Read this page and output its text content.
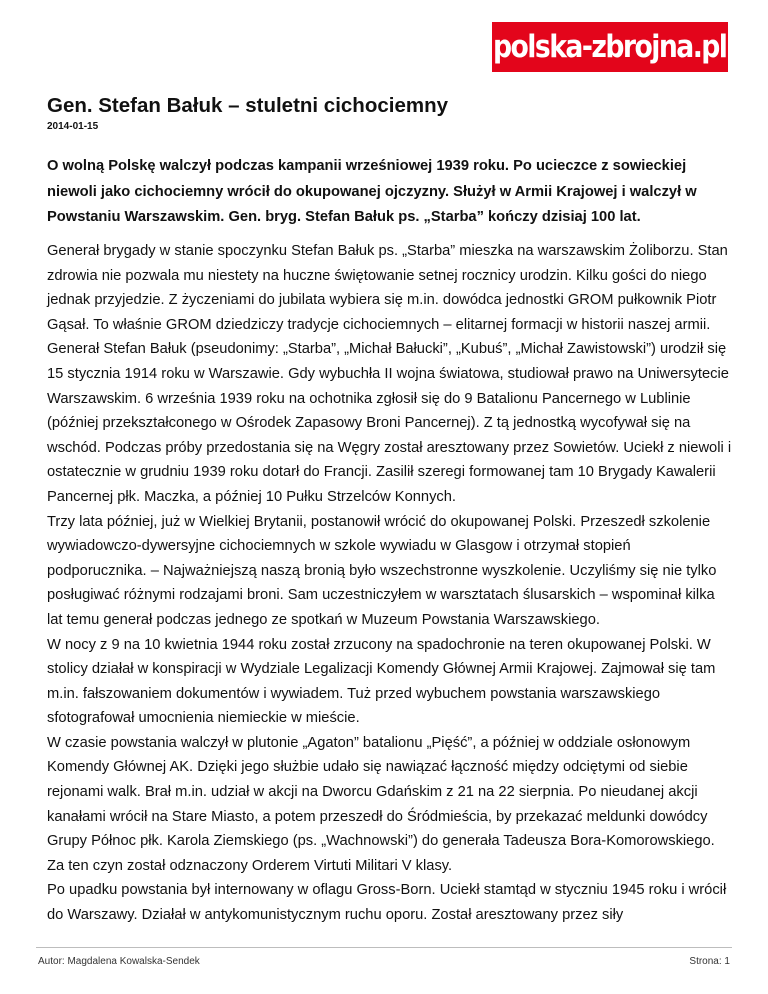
polska-zbrojna.pl
Gen. Stefan Bałuk – stuletni cichociemny
2014-01-15

O wolną Polskę walczył podczas kampanii wrześniowej 1939 roku. Po ucieczce z sowieckiej niewoli jako cichociemny wrócił do okupowanej ojczyzny. Służył w Armii Krajowej i walczył w Powstaniu Warszawskim. Gen. bryg. Stefan Bałuk ps. „Starba” kończy dzisiaj 100 lat.

Generał brygady w stanie spoczynku Stefan Bałuk ps. „Starba” mieszka na warszawskim Żoliborzu. Stan zdrowia nie pozwala mu niestety na huczne świętowanie setnej rocznicy urodzin. Kilku gości do niego jednak przyjedzie. Z życzeniami do jubilata wybiera się m.in. dowódca jednostki GROM pułkownik Piotr Gąsał. To właśnie GROM dziedziczy tradycje cichociemnych – elitarnej formacji w historii naszej armii.

Generał Stefan Bałuk (pseudonimy: „Starba”, „Michał Bałucki”, „Kubuś”, „Michał Zawistowski”) urodził się 15 stycznia 1914 roku w Warszawie. Gdy wybuchła II wojna światowa, studiował prawo na Uniwersytecie Warszawskim. 6 września 1939 roku na ochotnika zgłosił się do 9 Batalionu Pancernego w Lublinie (później przekształconego w Ośrodek Zapasowy Broni Pancernej). Z tą jednostką wycofywał się na wschód. Podczas próby przedostania się na Węgry został aresztowany przez Sowietów. Uciekł z niewoli i ostatecznie w grudniu 1939 roku dotarł do Francji. Zasilił szeregi formowanej tam 10 Brygady Kawalerii Pancernej płk. Maczka, a później 10 Pułku Strzelców Konnych.

Trzy lata później, już w Wielkiej Brytanii, postanowił wrócić do okupowanej Polski. Przeszedł szkolenie wywiadowczo-dywersyjne cichociemnych w szkole wywiadu w Glasgow i otrzymał stopień podporucznika. – Najważniejszą naszą bronią było wszechstronne wyszkolenie. Uczyliśmy się nie tylko posługiwać różnymi rodzajami broni. Sam uczestniczyłem w warsztatach ślusarskich – wspominał kilka lat temu generał podczas jednego ze spotkań w Muzeum Powstania Warszawskiego.

W nocy z 9 na 10 kwietnia 1944 roku został zrzucony na spadochronie na teren okupowanej Polski. W stolicy działał w konspiracji w Wydziale Legalizacji Komendy Głównej Armii Krajowej. Zajmował się tam m.in. fałszowaniem dokumentów i wywiadem. Tuż przed wybuchem powstania warszawskiego sfotografował umocnienia niemieckie w mieście.

W czasie powstania walczył w plutonie „Agaton” batalionu „Pięść”, a później w oddziale osłonowym Komendy Głównej AK. Dzięki jego służbie udało się nawiązać łączność między odciętymi od siebie rejonami walk. Brał m.in. udział w akcji na Dworcu Gdańskim z 21 na 22 sierpnia. Po nieudanej akcji kanałami wrócił na Stare Miasto, a potem przeszedł do Śródmieścia, by przekazać meldunki dowódcy Grupy Północ płk. Karola Ziemskiego (ps. „Wachnowski”) do generała Tadeusza Bora-Komorowskiego. Za ten czyn został odznaczony Orderem Virtuti Militari V klasy.

Po upadku powstania był internowany w oflagu Gross-Born. Uciekł stamtąd w styczniu 1945 roku i wrócił do Warszawy. Działał w antykomunistycznym ruchu oporu. Został aresztowany przez siły

Autor: Magdalena Kowalska-Sendek	Strona: 1
